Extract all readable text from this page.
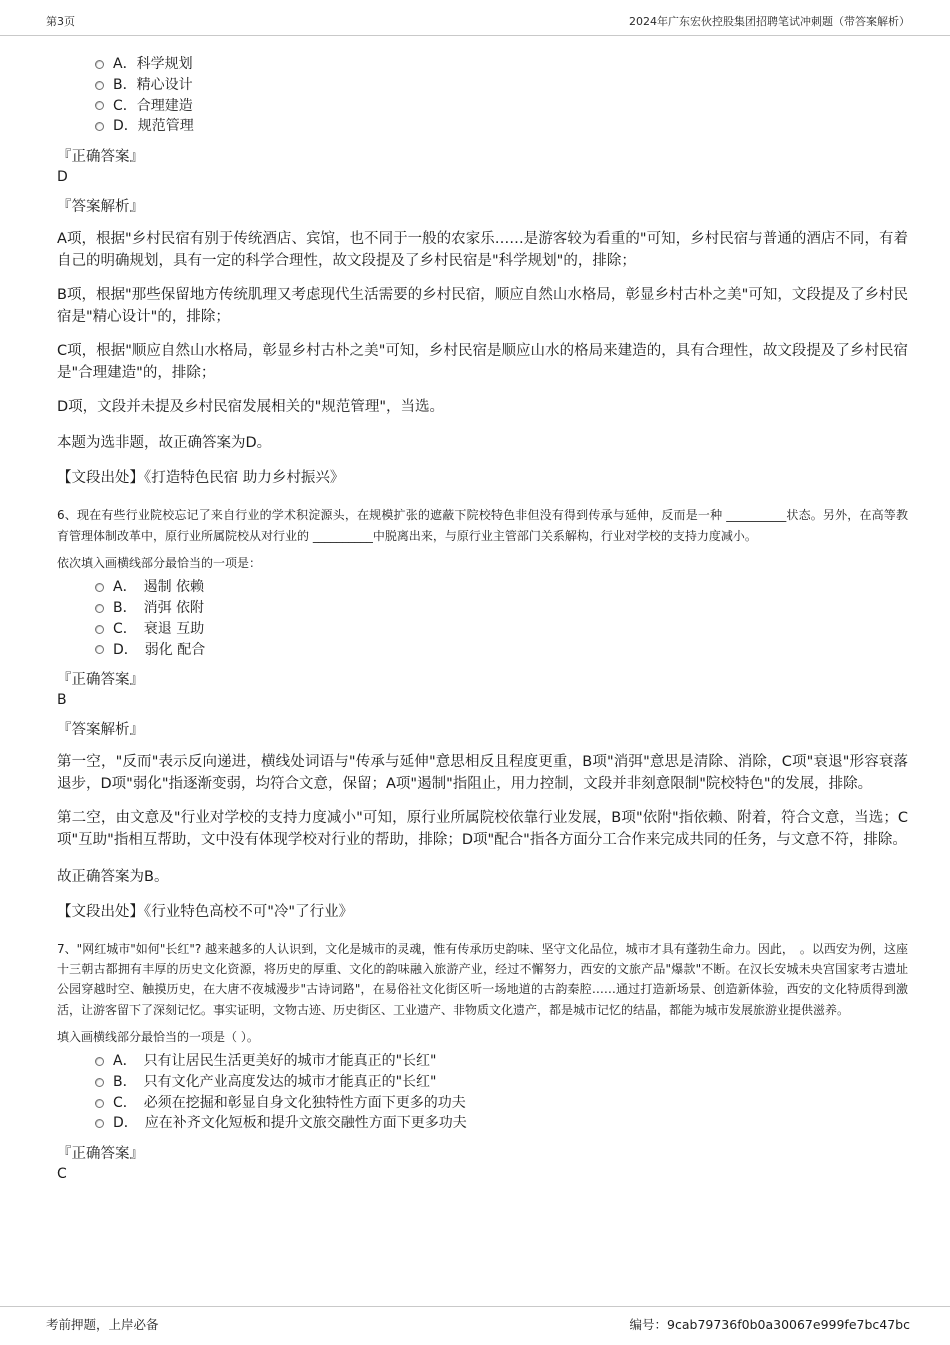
第3页	2024年广东宏伙控股集团招聘笔试冲刺题（带答案解析）
A．科学规划
B．精心设计
C．合理建造
D．规范管理
『正确答案』
D
『答案解析』
A项，根据"乡村民宿有别于传统酒店、宾馆，也不同于一般的农家乐……是游客较为看重的"可知，乡村民宿与普通的酒店不同，有着自己的明确规划，具有一定的科学合理性，故文段提及了乡村民宿是"科学规划"的，排除；
B项，根据"那些保留地方传统肌理又考虑现代生活需要的乡村民宿，顺应自然山水格局，彰显乡村古朴之美"可知，文段提及了乡村民宿是"精心设计"的，排除；
C项，根据"顺应自然山水格局，彰显乡村古朴之美"可知，乡村民宿是顺应山水的格局来建造的，具有合理性，故文段提及了乡村民宿是"合理建造"的，排除；
D项，文段并未提及乡村民宿发展相关的"规范管理"，当选。
本题为选非题，故正确答案为D。
【文段出处】《打造特色民宿 助力乡村振兴》
6、现在有些行业院校忘记了来自行业的学术积淀源头，在规模扩张的遮蔽下院校特色非但没有得到传承与延伸，反而是一种 __________状态。另外，在高等教育管理体制改革中，原行业所属院校从对行业的 __________中脱离出来，与原行业主管部门关系解构，行业对学校的支持力度减小。
依次填入画横线部分最恰当的一项是：
A．　遏制 依赖
B．　消弭 依附
C．　衰退 互助
D．　弱化 配合
『正确答案』
B
『答案解析』
第一空，"反而"表示反向递进，横线处词语与"传承与延伸"意思相反且程度更重，B项"消弭"意思是清除、消除，C项"衰退"形容衰落退步，D项"弱化"指逐渐变弱，均符合文意，保留；A项"遏制"指阻止，用力控制，文段并非刻意限制"院校特色"的发展，排除。
第二空，由文意及"行业对学校的支持力度减小"可知，原行业所属院校依靠行业发展，B项"依附"指依赖、附着，符合文意，当选；C项"互助"指相互帮助，文中没有体现学校对行业的帮助，排除；D项"配合"指各方面分工合作来完成共同的任务，与文意不符，排除。
故正确答案为B。
【文段出处】《行业特色高校不可"冷"了行业》
7、"网红城市"如何"长红"? 越来越多的人认识到，文化是城市的灵魂，惟有传承历史韵味、坚守文化品位，城市才具有蓬勃生命力。因此，　。以西安为例，这座十三朝古都拥有丰厚的历史文化资源，将历史的厚重、文化的韵味融入旅游产业，经过不懈努力，西安的文旅产品"爆款"不断。在汉长安城未央宫国家考古遗址公园穿越时空、触摸历史，在大唐不夜城漫步"古诗词路"，在易俗社文化街区听一场地道的古韵秦腔……通过打造新场景、创造新体验，西安的文化特质得到激活，让游客留下了深刻记忆。事实证明，文物古迹、历史街区、工业遗产、非物质文化遗产，都是城市记忆的结晶，都能为城市发展旅游业提供滋养。
填入画横线部分最恰当的一项是（ ）。
A．　只有让居民生活更美好的城市才能真正的"长红"
B．　只有文化产业高度发达的城市才能真正的"长红"
C．　必须在挖掘和彰显自身文化独特性方面下更多的功夫
D．　应在补齐文化短板和提升文旅交融性方面下更多功夫
『正确答案』
C
考前押题，上岸必备	编号：9cab79736f0b0a30067e999fe7bc47bc
